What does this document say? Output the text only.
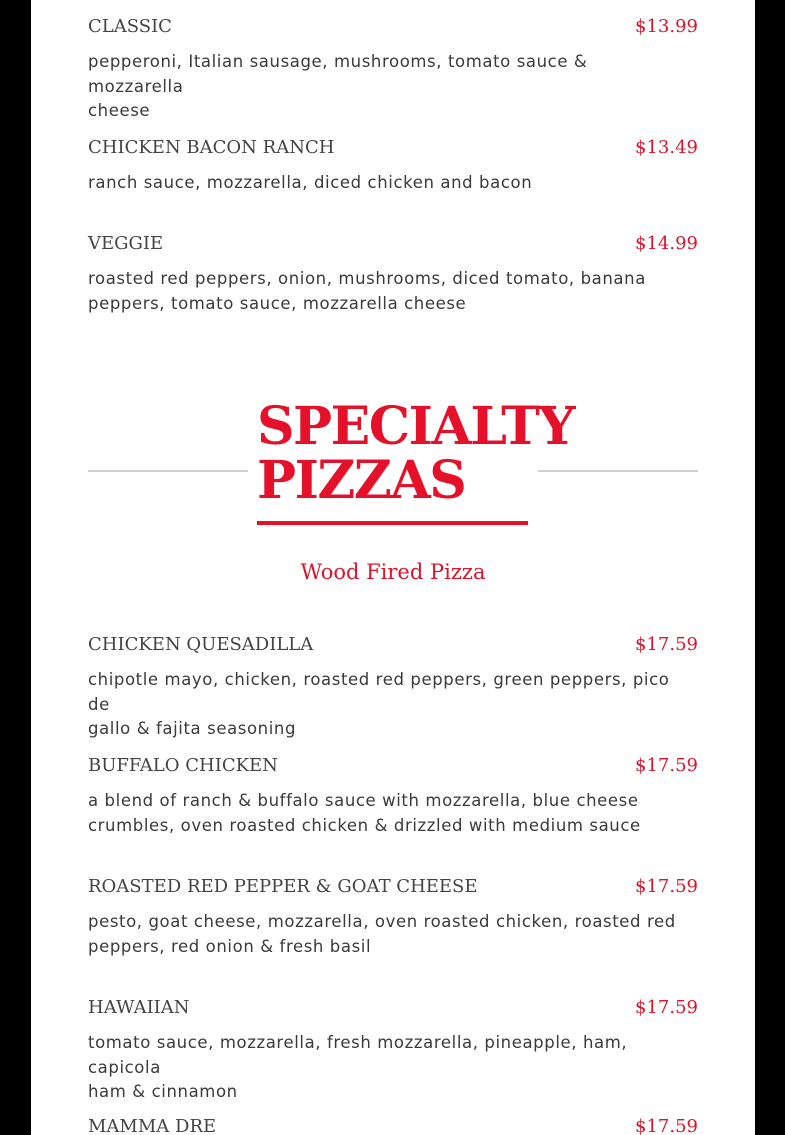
CLASSIC	$13.99
pepperoni, Italian sausage, mushrooms, tomato sauce & mozzarella
cheese
CHICKEN BACON RANCH	$13.49
ranch sauce, mozzarella, diced chicken and bacon
VEGGIE	$14.99
roasted red peppers, onion, mushrooms, diced tomato, banana
peppers, tomato sauce, mozzarella cheese
SPECIALTY
PIZZAS
Wood Fired Pizza
CHICKEN QUESADILLA	$17.59
chipotle mayo, chicken, roasted red peppers, green peppers, pico de
gallo & fajita seasoning
BUFFALO CHICKEN	$17.59
a blend of ranch & buffalo sauce with mozzarella, blue cheese
crumbles, oven roasted chicken & drizzled with medium sauce
ROASTED RED PEPPER & GOAT CHEESE	$17.59
pesto, goat cheese, mozzarella, oven roasted chicken, roasted red
peppers, red onion & fresh basil
HAWAIIAN	$17.59
tomato sauce, mozzarella, fresh mozzarella, pineapple, ham, capicola
ham & cinnamon
MAMMA DRE	$17.59
